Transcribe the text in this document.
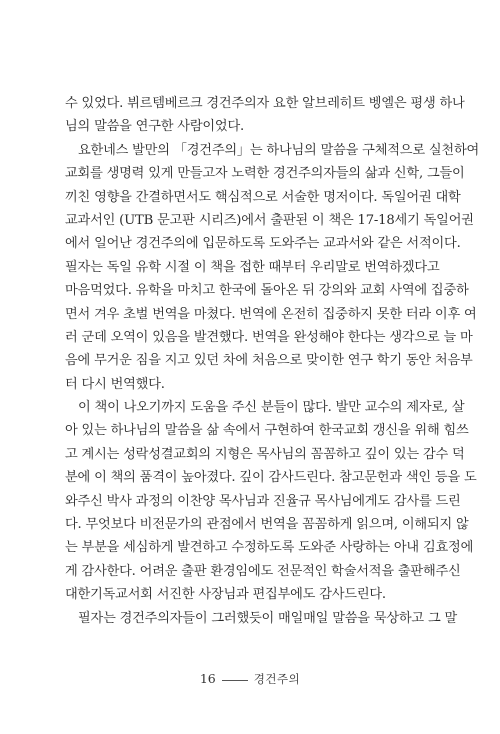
수 있었다. 뷔르템베르크 경건주의자 요한 알브레히트 벵엘은 평생 하나
님의 말씀을 연구한 사람이었다.
요한네스 발만의 「경건주의」는 하나님의 말씀을 구체적으로 실천하여
교회를 생명력 있게 만들고자 노력한 경건주의자들의 삶과 신학, 그들이
끼친 영향을 간결하면서도 핵심적으로 서술한 명저이다. 독일어권 대학
교과서인 (UTB 문고판 시리즈)에서 출판된 이 책은 17-18세기 독일어권
에서 일어난 경건주의에 입문하도록 도와주는 교과서와 같은 서적이다.
필자는 독일 유학 시절 이 책을 접한 때부터 우리말로 번역하겠다고
마음먹었다. 유학을 마치고 한국에 돌아온 뒤 강의와 교회 사역에 집중하
면서 겨우 초벌 번역을 마쳤다. 번역에 온전히 집중하지 못한 터라 이후 여
러 군데 오역이 있음을 발견했다. 번역을 완성해야 한다는 생각으로 늘 마
음에 무거운 짐을 지고 있던 차에 처음으로 맞이한 연구 학기 동안 처음부
터 다시 번역했다.
이 책이 나오기까지 도움을 주신 분들이 많다. 발만 교수의 제자로, 살
아 있는 하나님의 말씀을 삶 속에서 구현하여 한국교회 갱신을 위해 힘쓰
고 계시는 성락성결교회의 지형은 목사님의 꼼꼼하고 깊이 있는 감수 덕
분에 이 책의 품격이 높아졌다. 깊이 감사드린다. 참고문헌과 색인 등을 도
와주신 박사 과정의 이찬양 목사님과 진율규 목사님에게도 감사를 드린
다. 무엇보다 비전문가의 관점에서 번역을 꼼꼼하게 읽으며, 이해되지 않
는 부분을 세심하게 발견하고 수정하도록 도와준 사랑하는 아내 김효정에
게 감사한다. 어려운 출판 환경임에도 전문적인 학술서적을 출판해주신
대한기독교서회 서진한 사장님과 편집부에도 감사드린다.
필자는 경건주의자들이 그러했듯이 매일매일 말씀을 묵상하고 그 말
16	경건주의
